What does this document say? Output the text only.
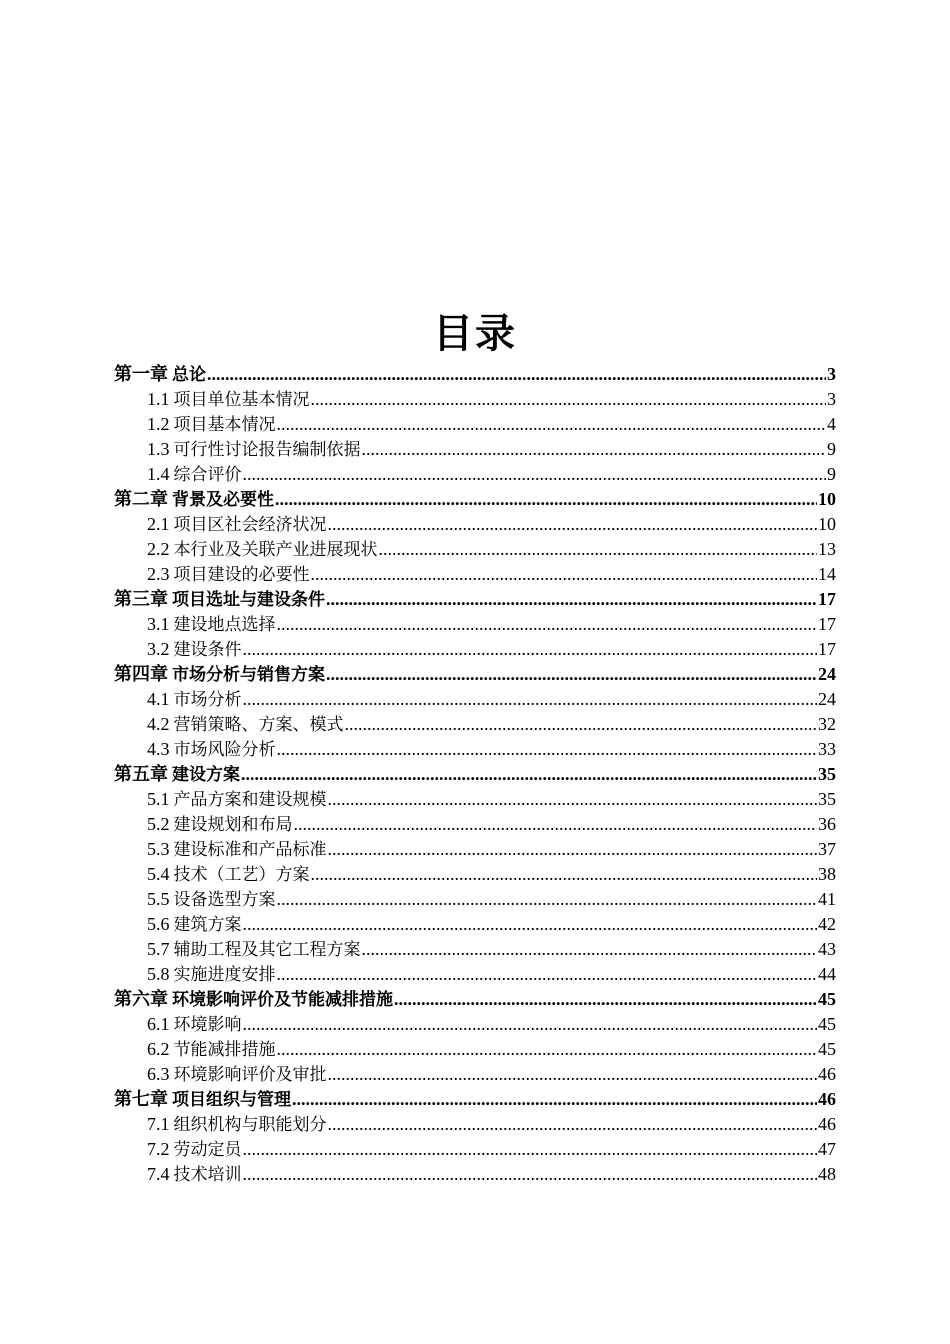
目录
第一章 总论 .....	3
1.1 项目单位基本情况 .....	3
1.2 项目基本情况 .....	4
1.3 可行性讨论报告编制依据 .....	9
1.4 综合评价 .....	9
第二章 背景及必要性 .....	10
2.1 项目区社会经济状况 .....	10
2.2 本行业及关联产业进展现状 .....	13
2.3 项目建设的必要性 .....	14
第三章 项目选址与建设条件 .....	17
3.1 建设地点选择 .....	17
3.2 建设条件 .....	17
第四章 市场分析与销售方案 .....	24
4.1 市场分析 .....	24
4.2 营销策略、方案、模式 .....	32
4.3 市场风险分析 .....	33
第五章 建设方案 .....	35
5.1 产品方案和建设规模 .....	35
5.2 建设规划和布局 .....	36
5.3 建设标准和产品标准 .....	37
5.4 技术（工艺）方案 .....	38
5.5 设备选型方案 .....	41
5.6 建筑方案 .....	42
5.7 辅助工程及其它工程方案 .....	43
5.8 实施进度安排 .....	44
第六章 环境影响评价及节能减排措施 .....	45
6.1 环境影响 .....	45
6.2 节能减排措施 .....	45
6.3 环境影响评价及审批 .....	46
第七章 项目组织与管理 .....	46
7.1 组织机构与职能划分 .....	46
7.2 劳动定员 .....	47
7.4 技术培训 .....	48
